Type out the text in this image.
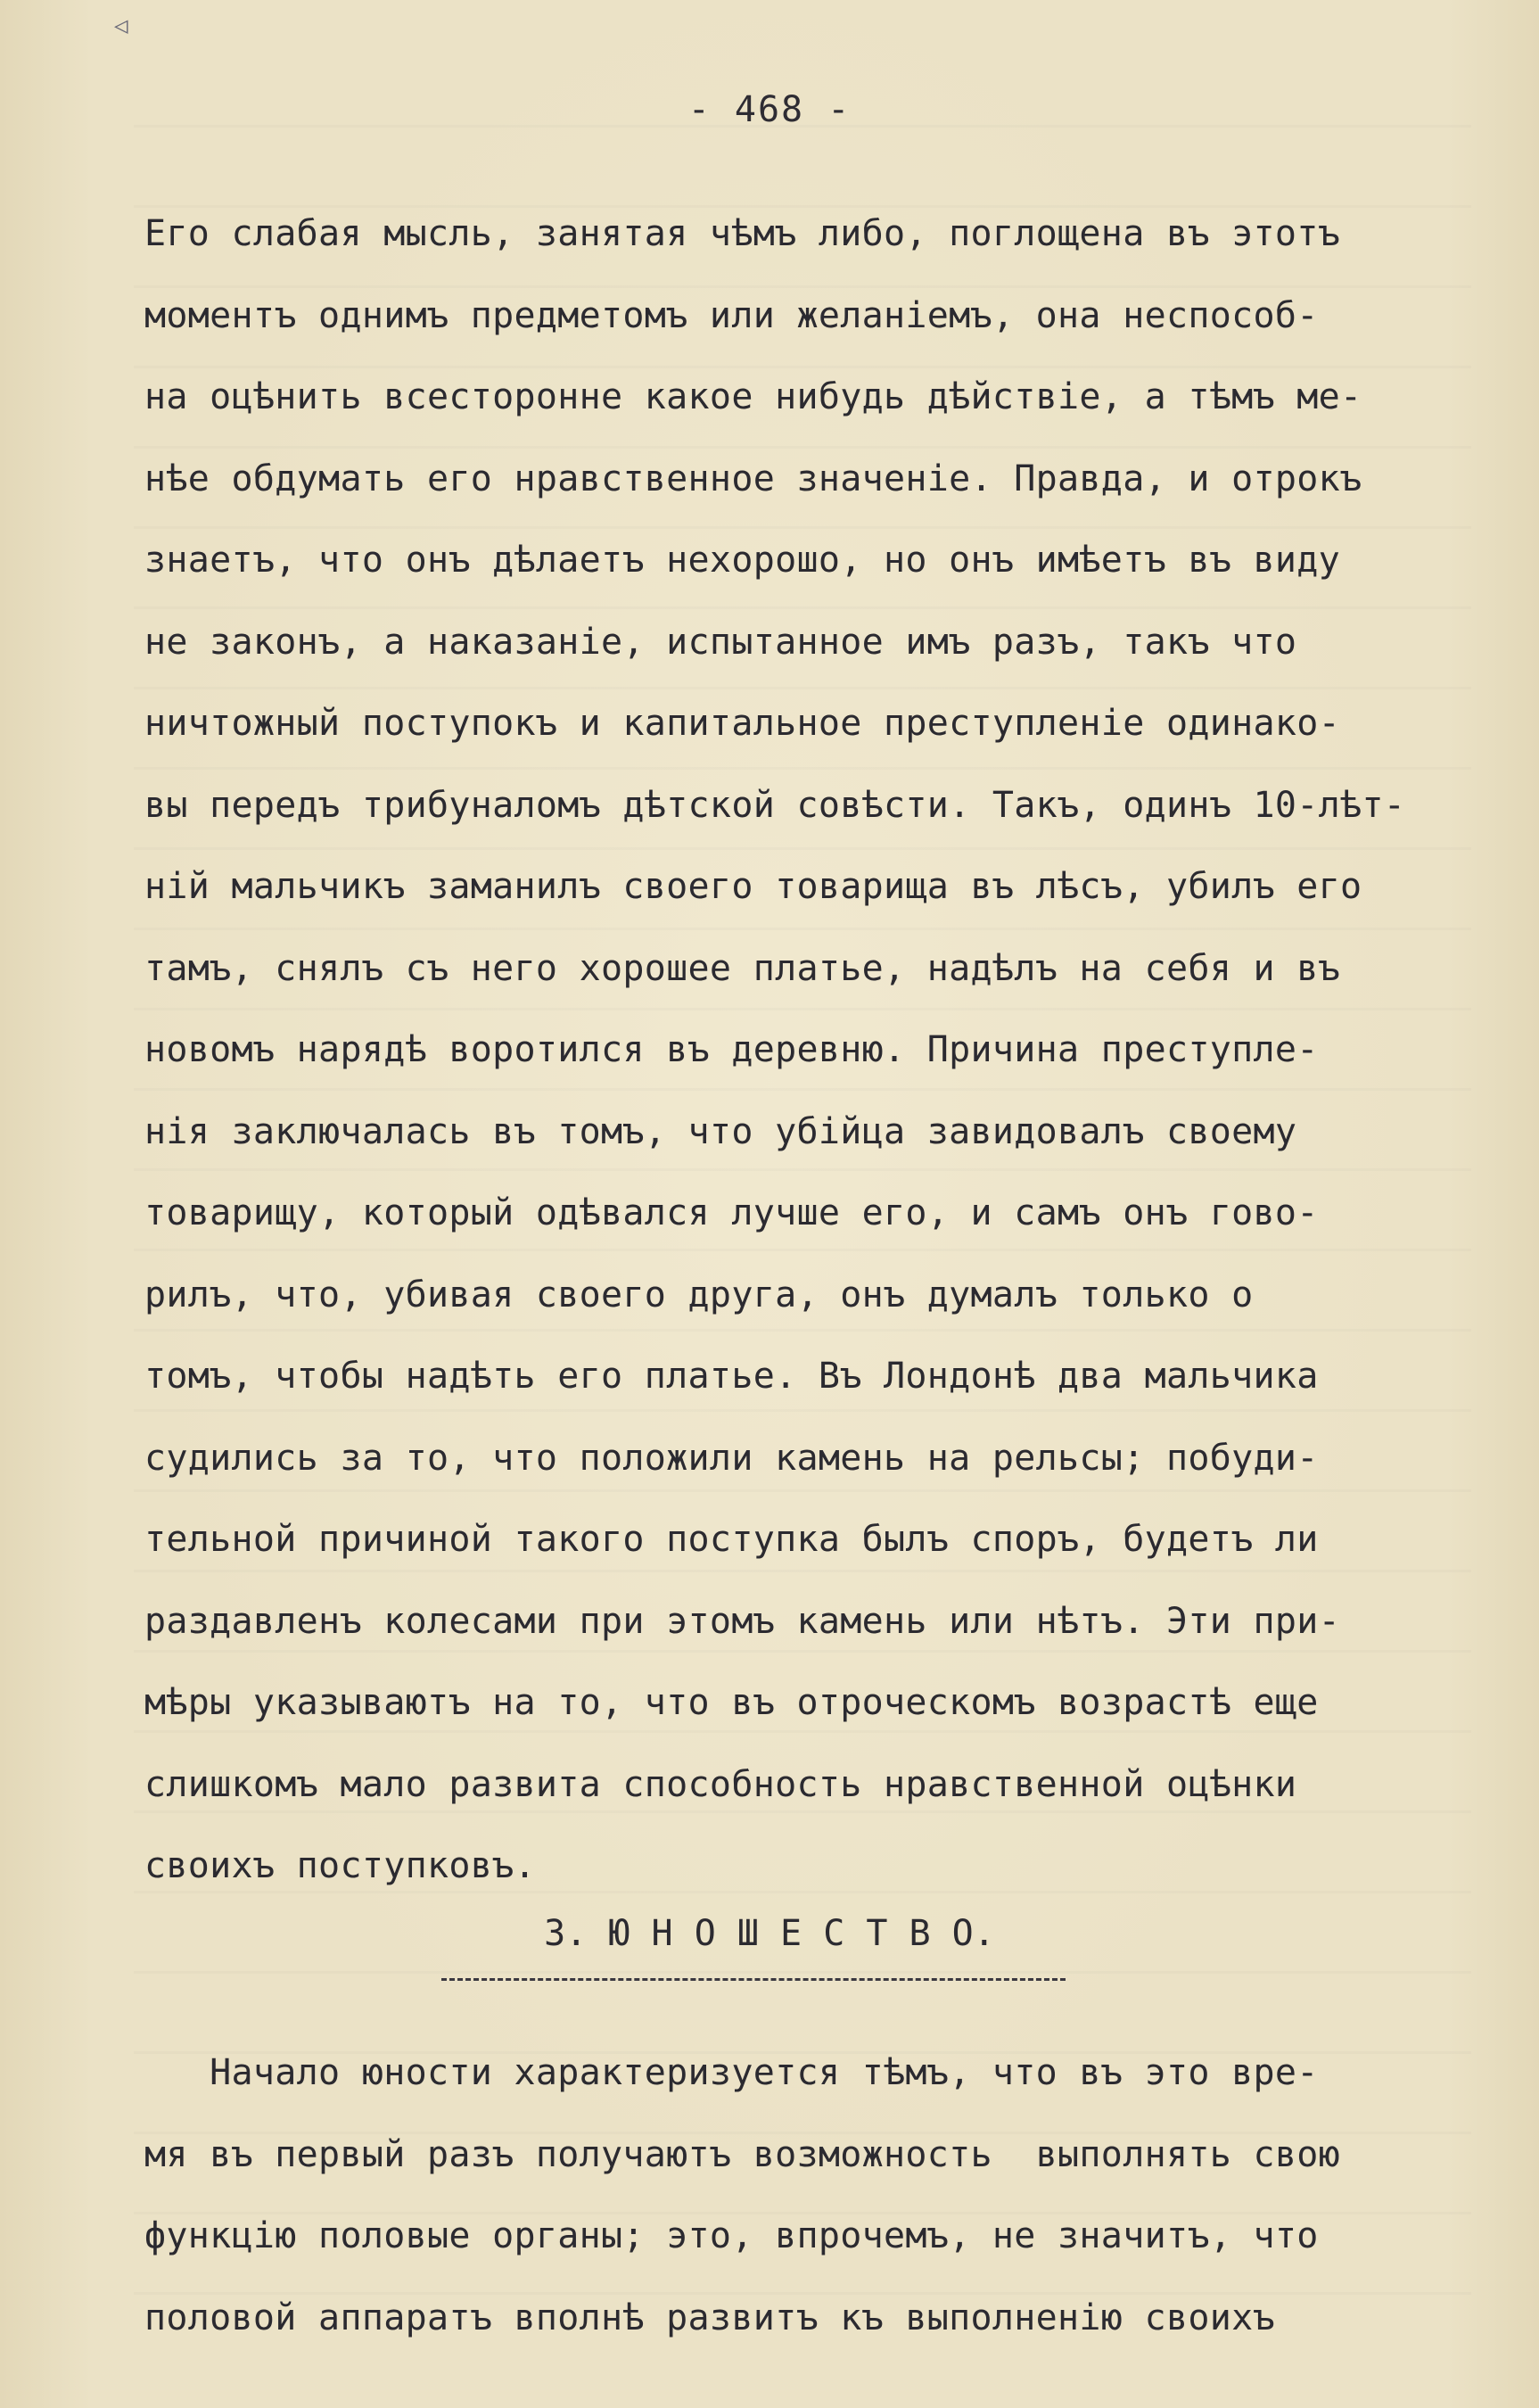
◁
- 468 -
Его слабая мысль, занятая чѣмъ либо, поглощена въ этотъ
моментъ однимъ предметомъ или желаніемъ, она неспособ-
на оцѣнить всесторонне какое нибудь дѣйствіе, а тѣмъ ме-
нѣе обдумать его нравственное значеніе. Правда, и отрокъ
знаетъ, что онъ дѣлаетъ нехорошо, но онъ имѣетъ въ виду
не законъ, а наказаніе, испытанное имъ разъ, такъ что
ничтожный поступокъ и капитальное преступленіе одинако-
вы передъ трибуналомъ дѣтской совѣсти. Такъ, одинъ 10-лѣт-
ній мальчикъ заманилъ своего товарища въ лѣсъ, убилъ его
тамъ, снялъ съ него хорошее платье, надѣлъ на себя и въ
новомъ нарядѣ воротился въ деревню. Причина преступле-
нія заключалась въ томъ, что убійца завидовалъ своему
товарищу, который одѣвался лучше его, и самъ онъ гово-
рилъ, что, убивая своего друга, онъ думалъ только о
томъ, чтобы надѣть его платье. Въ Лондонѣ два мальчика
судились за то, что положили камень на рельсы; побуди-
тельной причиной такого поступка былъ споръ, будетъ ли
раздавленъ колесами при этомъ камень или нѣтъ. Эти при-
мѣры указываютъ на то, что въ отроческомъ возрастѣ еще
слишкомъ мало развита способность нравственной оцѣнки
своихъ поступковъ.
3. Ю Н О Ш Е С Т В О.
Начало юности характеризуется тѣмъ, что въ это вре-
мя въ первый разъ получаютъ возможность  выполнять свою
функцію половые органы; это, впрочемъ, не значитъ, что
половой аппаратъ вполнѣ развитъ къ выполненію своихъ
